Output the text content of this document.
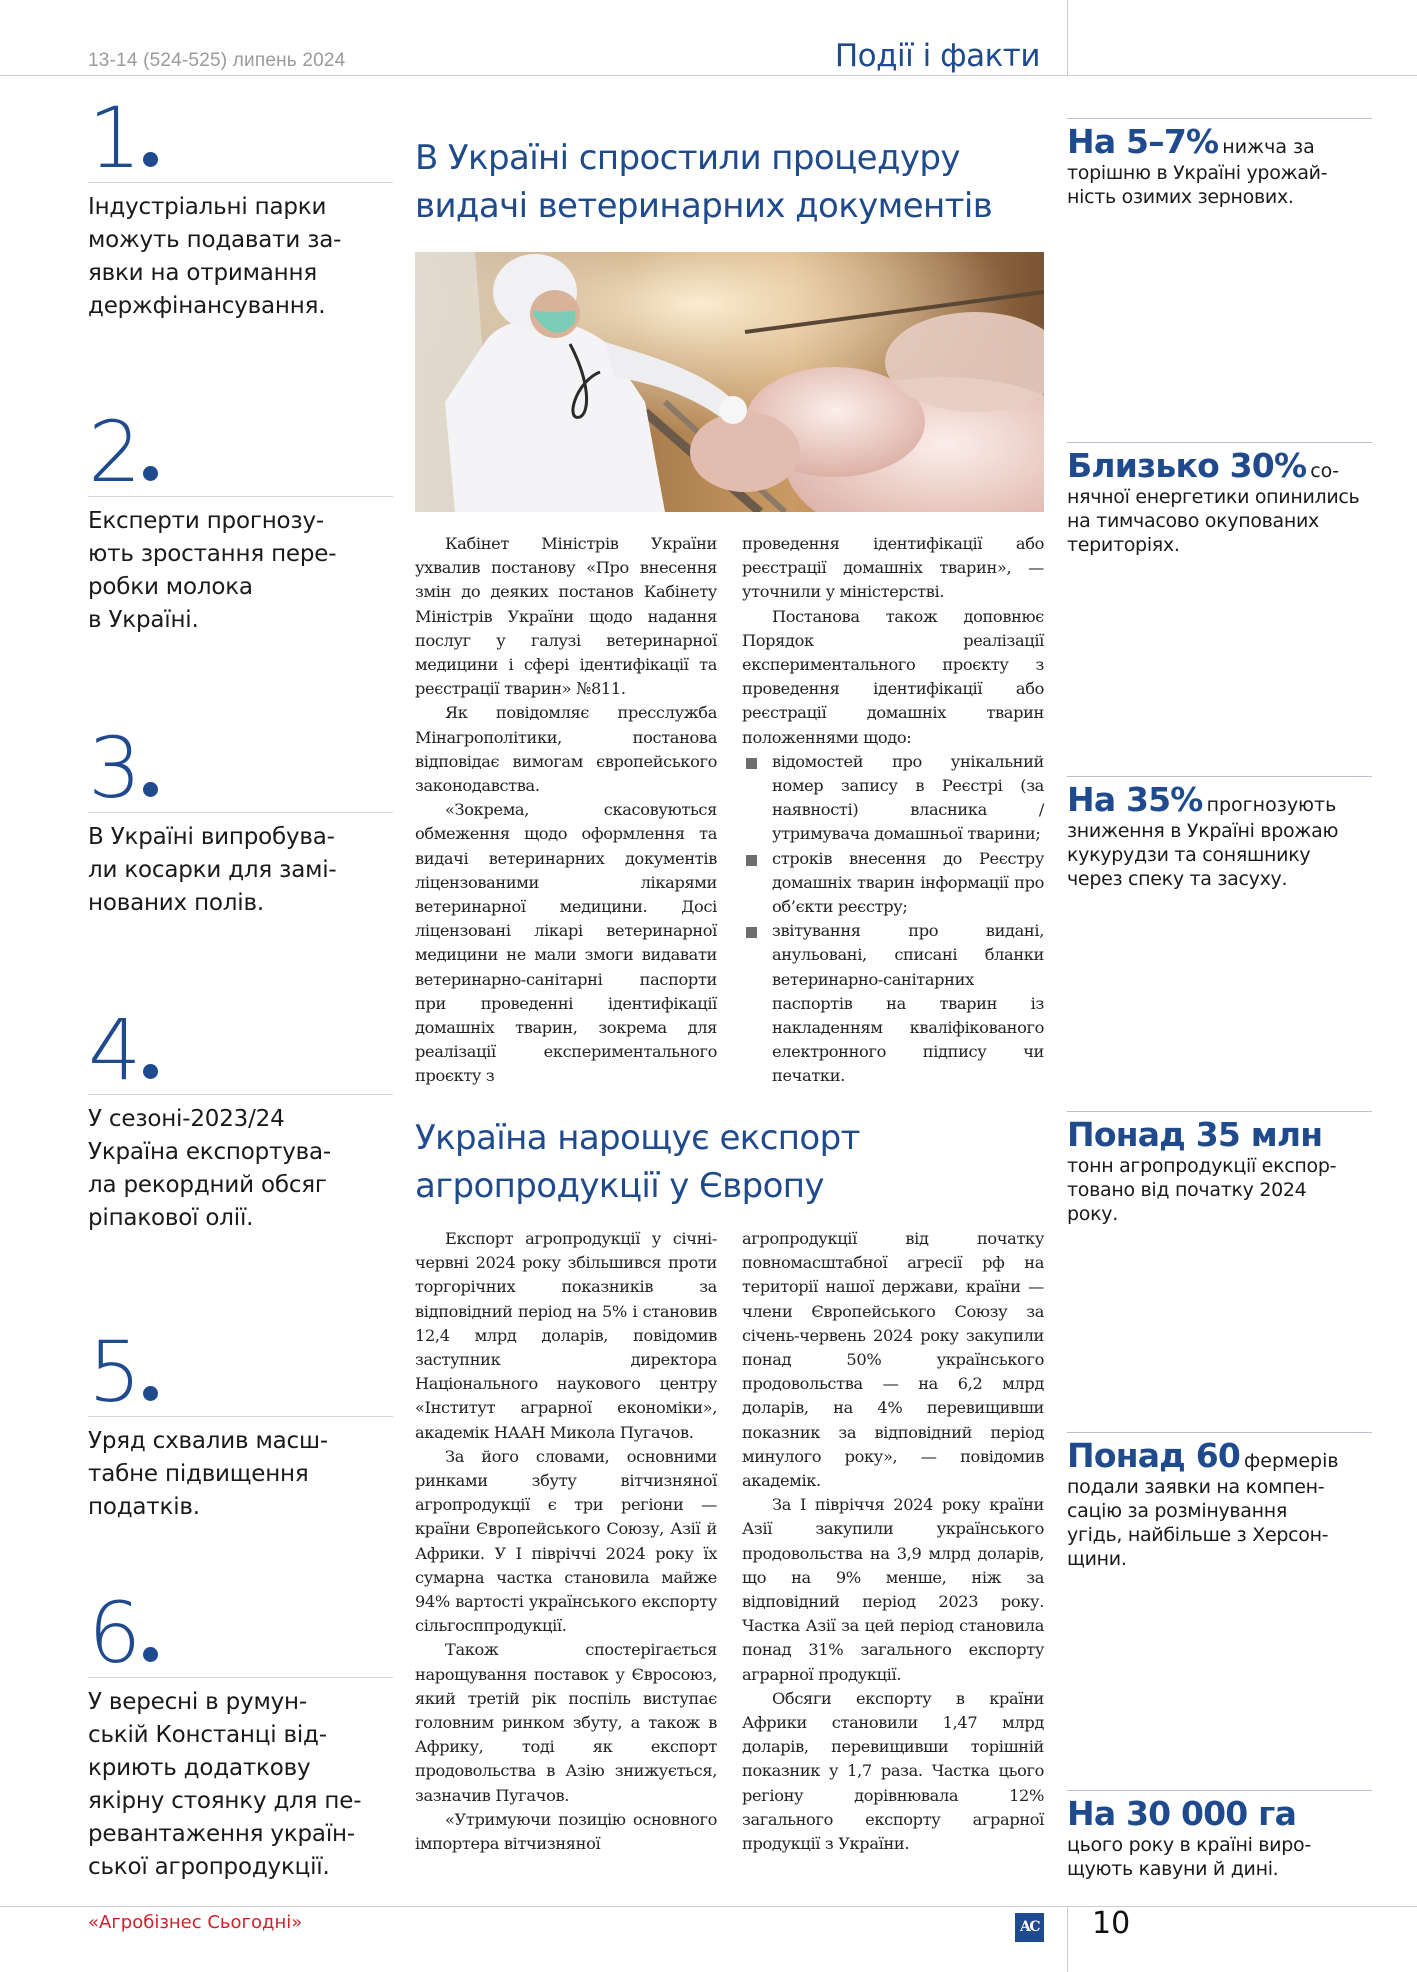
13-14 (524-525) липень 2024	Події і факти
1
Індустріальні парки
можуть подавати за-
явки на отримання
держфінансування.
2
Експерти прогнозу-
ють зростання пере-
робки молока
в Україні.
3
В Україні випробува-
ли косарки для замі-
нованих полів.
4
У сезоні-2023/24
Україна експортува-
ла рекордний обсяг
ріпакової олії.
5
Уряд схвалив масш-
табне підвищення
податків.
6
У вересні в румун-
ській Констанці від-
криють додаткову
якірну стоянку для пе-
ревантаження україн-
ської агропродукції.
В Україні спростили процедуру
видачі ветеринарних документів

Кабінет Міністрів України ухвалив постанову «Про внесення змін до деяких постанов Кабінету Міністрів України щодо надання послуг у галузі ветеринарної медицини і сфері ідентифікації та реєстрації тварин» №811.

Як повідомляє пресслужба Мінагрополітики, постанова відповідає вимогам європейського законодавства.

«Зокрема, скасовуються обмеження щодо оформлення та видачі ветеринарних документів ліцензованими лікарями ветеринарної медицини. Досі ліцензовані лікарі ветеринарної медицини не мали змоги видавати ветеринарно-санітарні паспорти при проведенні ідентифікації домашніх тварин, зокрема для реалізації експериментального проєкту з

проведення ідентифікації або реєстрації домашніх тварин», — уточнили у міністерстві.

Постанова також доповнює Порядок реалізації експериментального проєкту з проведення ідентифікації або реєстрації домашніх тварин положеннями щодо:

відомостей про унікальний номер запису в Реєстрі (за наявності) власника / утримувача домашньої тварини;
строків внесення до Реєстру домашніх тварин інформації про об’єкти реєстру;
звітування про видані, анульовані, списані бланки ветеринарно-санітарних паспортів на тварин із накладенням кваліфікованого електронного підпису чи печатки.
Україна нарощує експорт
агропродукції у Європу

Експорт агропродукції у січні-червні 2024 року збільшився проти торгорічних показників за відповідний період на 5% і становив 12,4 млрд доларів, повідомив заступник директора Національного наукового центру «Інститут аграрної економіки», академік НААН Микола Пугачов.

За його словами, основними ринками збуту вітчизняної агропродукції є три регіони — країни Європейського Союзу, Азії й Африки. У І півріччі 2024 року їх сумарна частка становила майже 94% вартості українського експорту сільгосппродукції.

Також спостерігається нарощування поставок у Євросоюз, який третій рік поспіль виступає головним ринком збуту, а також в Африку, тоді як експорт продовольства в Азію знижується, зазначив Пугачов.

«Утримуючи позицію основного імпортера вітчизняної

агропродукції від початку повномасштабної агресії рф на території нашої держави, країни — члени Європейського Союзу за січень-червень 2024 року закупили понад 50% українського продовольства — на 6,2 млрд доларів, на 4% перевищивши показник за відповідний період минулого року», — повідомив академік.

За І півріччя 2024 року країни Азії закупили українського продовольства на 3,9 млрд доларів, що на 9% менше, ніж за відповідний період 2023 року. Частка Азії за цей період становила понад 31% загального експорту аграрної продукції.

Обсяги експорту в країни Африки становили 1,47 млрд доларів, перевищивши торішній показник у 1,7 раза. Частка цього регіону дорівнювала 12% загального експорту аграрної продукції з України.

На 5–7% нижча за
торішню в Україні урожай-
ність озимих зернових.
Близько 30% со-
нячної енергетики опинились
на тимчасово окупованих
територіях.
На 35% прогнозують
зниження в Україні врожаю
кукурудзи та соняшнику
через спеку та засуху.
Понад 35 млн
тонн агропродукції експор-
товано від початку 2024
року.
Понад 60 фермерів
подали заявки на компен-
сацію за розмінування
угідь, найбільше з Херсон-
щини.
На 30 000 га
цього року в країні виро-
щують кавуни й дині.
«Агробізнес Сьогодні»	AC 10
